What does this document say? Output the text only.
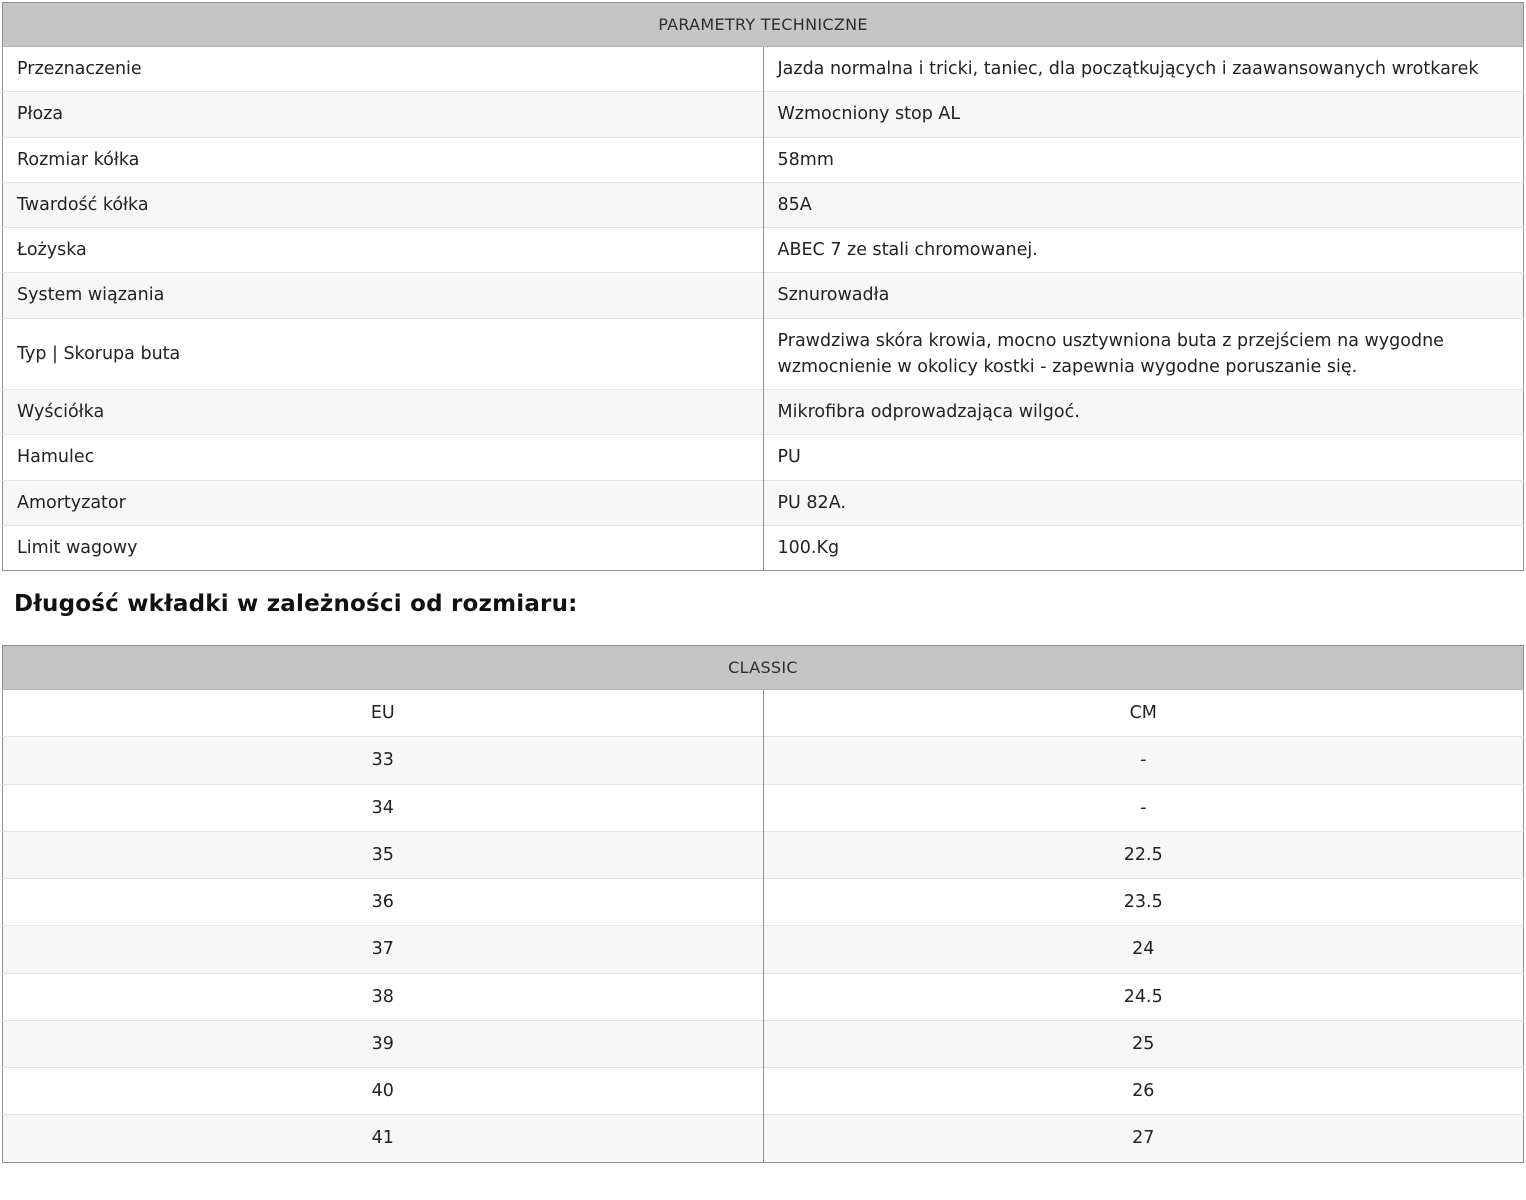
PARAMETRY TECHNICZNE	
Przeznaczenie	Jazda normalna i tricki, taniec, dla początkujących i zaawansowanych wrotkarek
Płoza	Wzmocniony stop AL
Rozmiar kółka	58mm
Twardość kółka	85A
Łożyska	ABEC 7 ze stali chromowanej.
System wiązania	Sznurowadła
Typ | Skorupa buta	Prawdziwa skóra krowia, mocno usztywniona buta z przejściem na wygodne wzmocnienie w okolicy kostki - zapewnia wygodne poruszanie się.
Wyściółka	Mikrofibra odprowadzająca wilgoć.
Hamulec	PU
Amortyzator	PU 82A.
Limit wagowy	100.Kg
Długość wkładki w zależności od rozmiaru:
CLASSIC	
EU	CM
33	-
34	-
35	22.5
36	23.5
37	24
38	24.5
39	25
40	26
41	27
